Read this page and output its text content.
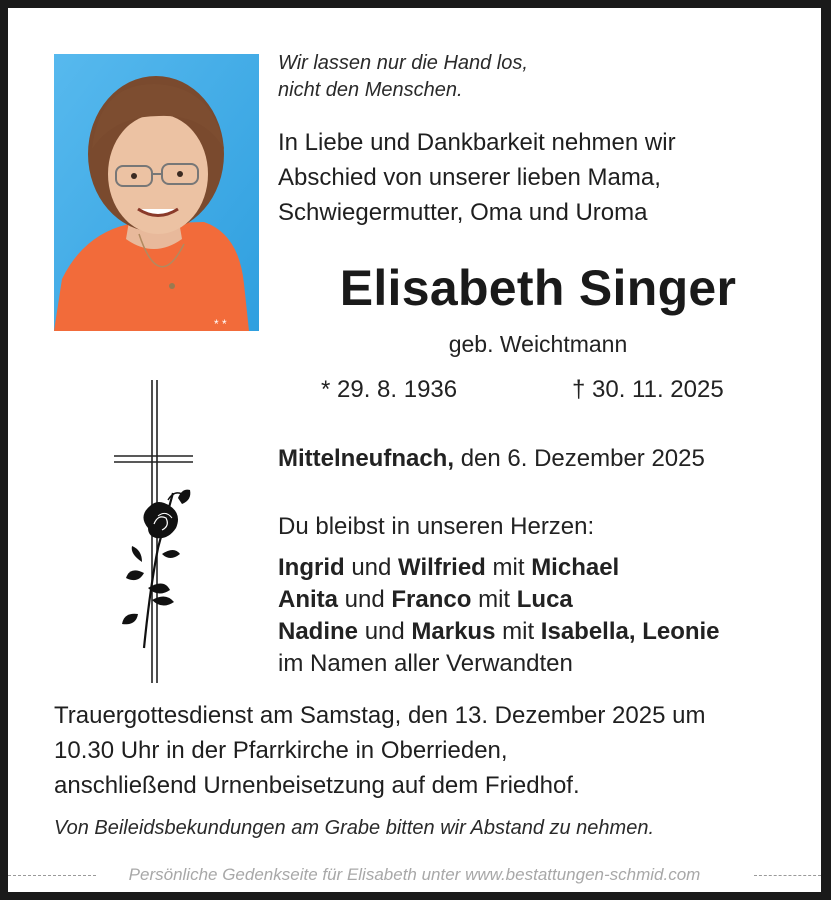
* *
Wir lassen nur die Hand los,
nicht den Menschen.
In Liebe und Dankbarkeit nehmen wir
Abschied von unserer lieben Mama,
Schwiegermutter, Oma und Uroma
Elisabeth Singer
geb. Weichtmann
* 29. 8. 1936	† 30. 11. 2025
Mittelneufnach, den 6. Dezember 2025
Du bleibst in unseren Herzen:
Ingrid und Wilfried mit Michael
Anita und Franco mit Luca
Nadine und Markus mit Isabella, Leonie
im Namen aller Verwandten
Trauergottesdienst am Samstag, den 13. Dezember 2025 um
10.30 Uhr in der Pfarrkirche in Oberrieden,
anschließend Urnenbeisetzung auf dem Friedhof.
Von Beileidsbekundungen am Grabe bitten wir Abstand zu nehmen.
Persönliche Gedenkseite für Elisabeth unter www.bestattungen-schmid.com
